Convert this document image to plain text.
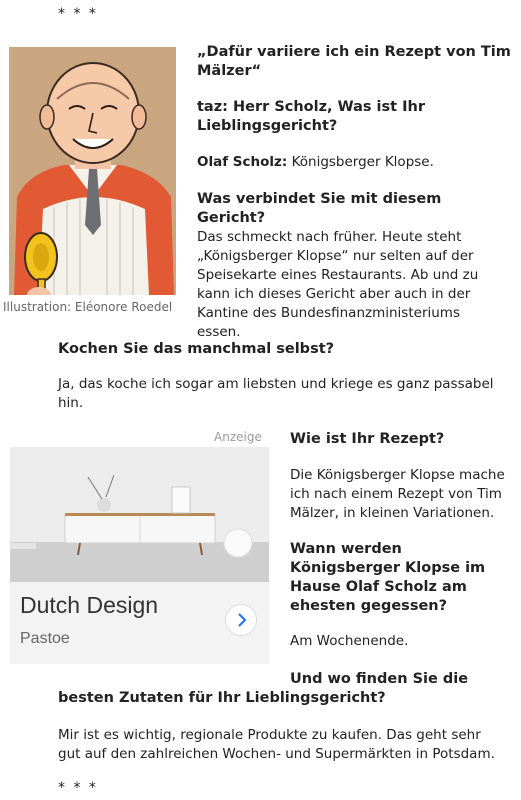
* * *
Illustration: Eléonore Roedel
„Dafür variiere ich ein Rezept von Tim Mälzer“
taz: Herr Scholz, Was ist Ihr Lieblingsgericht?
Olaf Scholz: Königsberger Klopse.
Was verbindet Sie mit diesem Gericht?
Das schmeckt nach früher. Heute steht „Königsberger Klopse“ nur selten auf der Speisekarte eines Restaurants. Ab und zu kann ich dieses Gericht aber auch in der Kantine des Bundesfinanzministeriums essen.
Kochen Sie das manchmal selbst?
Ja, das koche ich sogar am liebsten und kriege es ganz passabel hin.
Anzeige
Dutch Design
Pastoe
Wie ist Ihr Rezept?
Die Königsberger Klopse mache ich nach einem Rezept von Tim Mälzer, in kleinen Variationen.
Wann werden Königsberger Klopse im Hause Olaf Scholz am ehesten gegessen?
Am Wochenende.
Und wo finden Sie die
besten Zutaten für Ihr Lieblingsgericht?
Mir ist es wichtig, regionale Produkte zu kaufen. Das geht sehr gut auf den zahlreichen Wochen- und Supermärkten in Potsdam.
* * *
